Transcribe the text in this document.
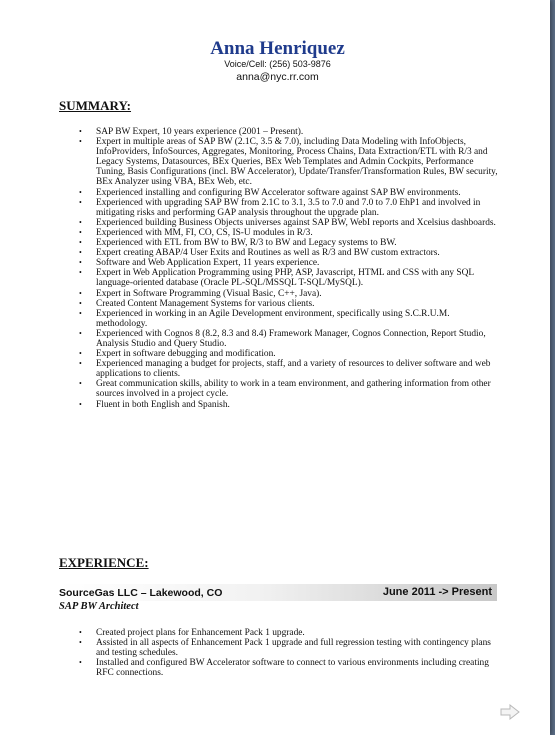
Anna Henriquez
Voice/Cell: (256) 503-9876
anna@nyc.rr.com
SUMMARY:
• SAP BW Expert, 10 years experience (2001 – Present).
• Expert in multiple areas of SAP BW (2.1C, 3.5 & 7.0), including Data Modeling with InfoObjects, InfoProviders, InfoSources, Aggregates, Monitoring, Process Chains, Data Extraction/ETL with R/3 and Legacy Systems, Datasources, BEx Queries, BEx Web Templates and Admin Cockpits, Performance Tuning, Basis Configurations (incl. BW Accelerator), Update/Transfer/Transformation Rules, BW security, BEx Analyzer using VBA, BEx Web, etc.
• Experienced installing and configuring BW Accelerator software against SAP BW environments.
• Experienced with upgrading SAP BW from 2.1C to 3.1, 3.5 to 7.0 and 7.0 to 7.0 EhP1 and involved in mitigating risks and performing GAP analysis throughout the upgrade plan.
• Experienced building Business Objects universes against SAP BW, WebI reports and Xcelsius dashboards.
• Experienced with MM, FI, CO, CS, IS-U modules in R/3.
• Experienced with ETL from BW to BW, R/3 to BW and Legacy systems to BW.
• Expert creating ABAP/4 User Exits and Routines as well as R/3 and BW custom extractors.
• Software and Web Application Expert, 11 years experience.
• Expert in Web Application Programming using PHP, ASP, Javascript, HTML and CSS with any SQL language-oriented database (Oracle PL-SQL/MSSQL T-SQL/MySQL).
• Expert in Software Programming (Visual Basic, C++, Java).
• Created Content Management Systems for various clients.
• Experienced in working in an Agile Development environment, specifically using S.C.R.U.M. methodology.
• Experienced with Cognos 8 (8.2, 8.3 and 8.4) Framework Manager, Cognos Connection, Report Studio, Analysis Studio and Query Studio.
• Expert in software debugging and modification.
• Experienced managing a budget for projects, staff, and a variety of resources to deliver software and web applications to clients.
• Great communication skills, ability to work in a team environment, and gathering information from other sources involved in a project cycle.
• Fluent in both English and Spanish.
EXPERIENCE:
SourceGas LLC – Lakewood, CO	June 2011 -> Present
SAP BW Architect
• Created project plans for Enhancement Pack 1 upgrade.
• Assisted in all aspects of Enhancement Pack 1 upgrade and full regression testing with contingency plans and testing schedules.
• Installed and configured BW Accelerator software to connect to various environments including creating RFC connections.
